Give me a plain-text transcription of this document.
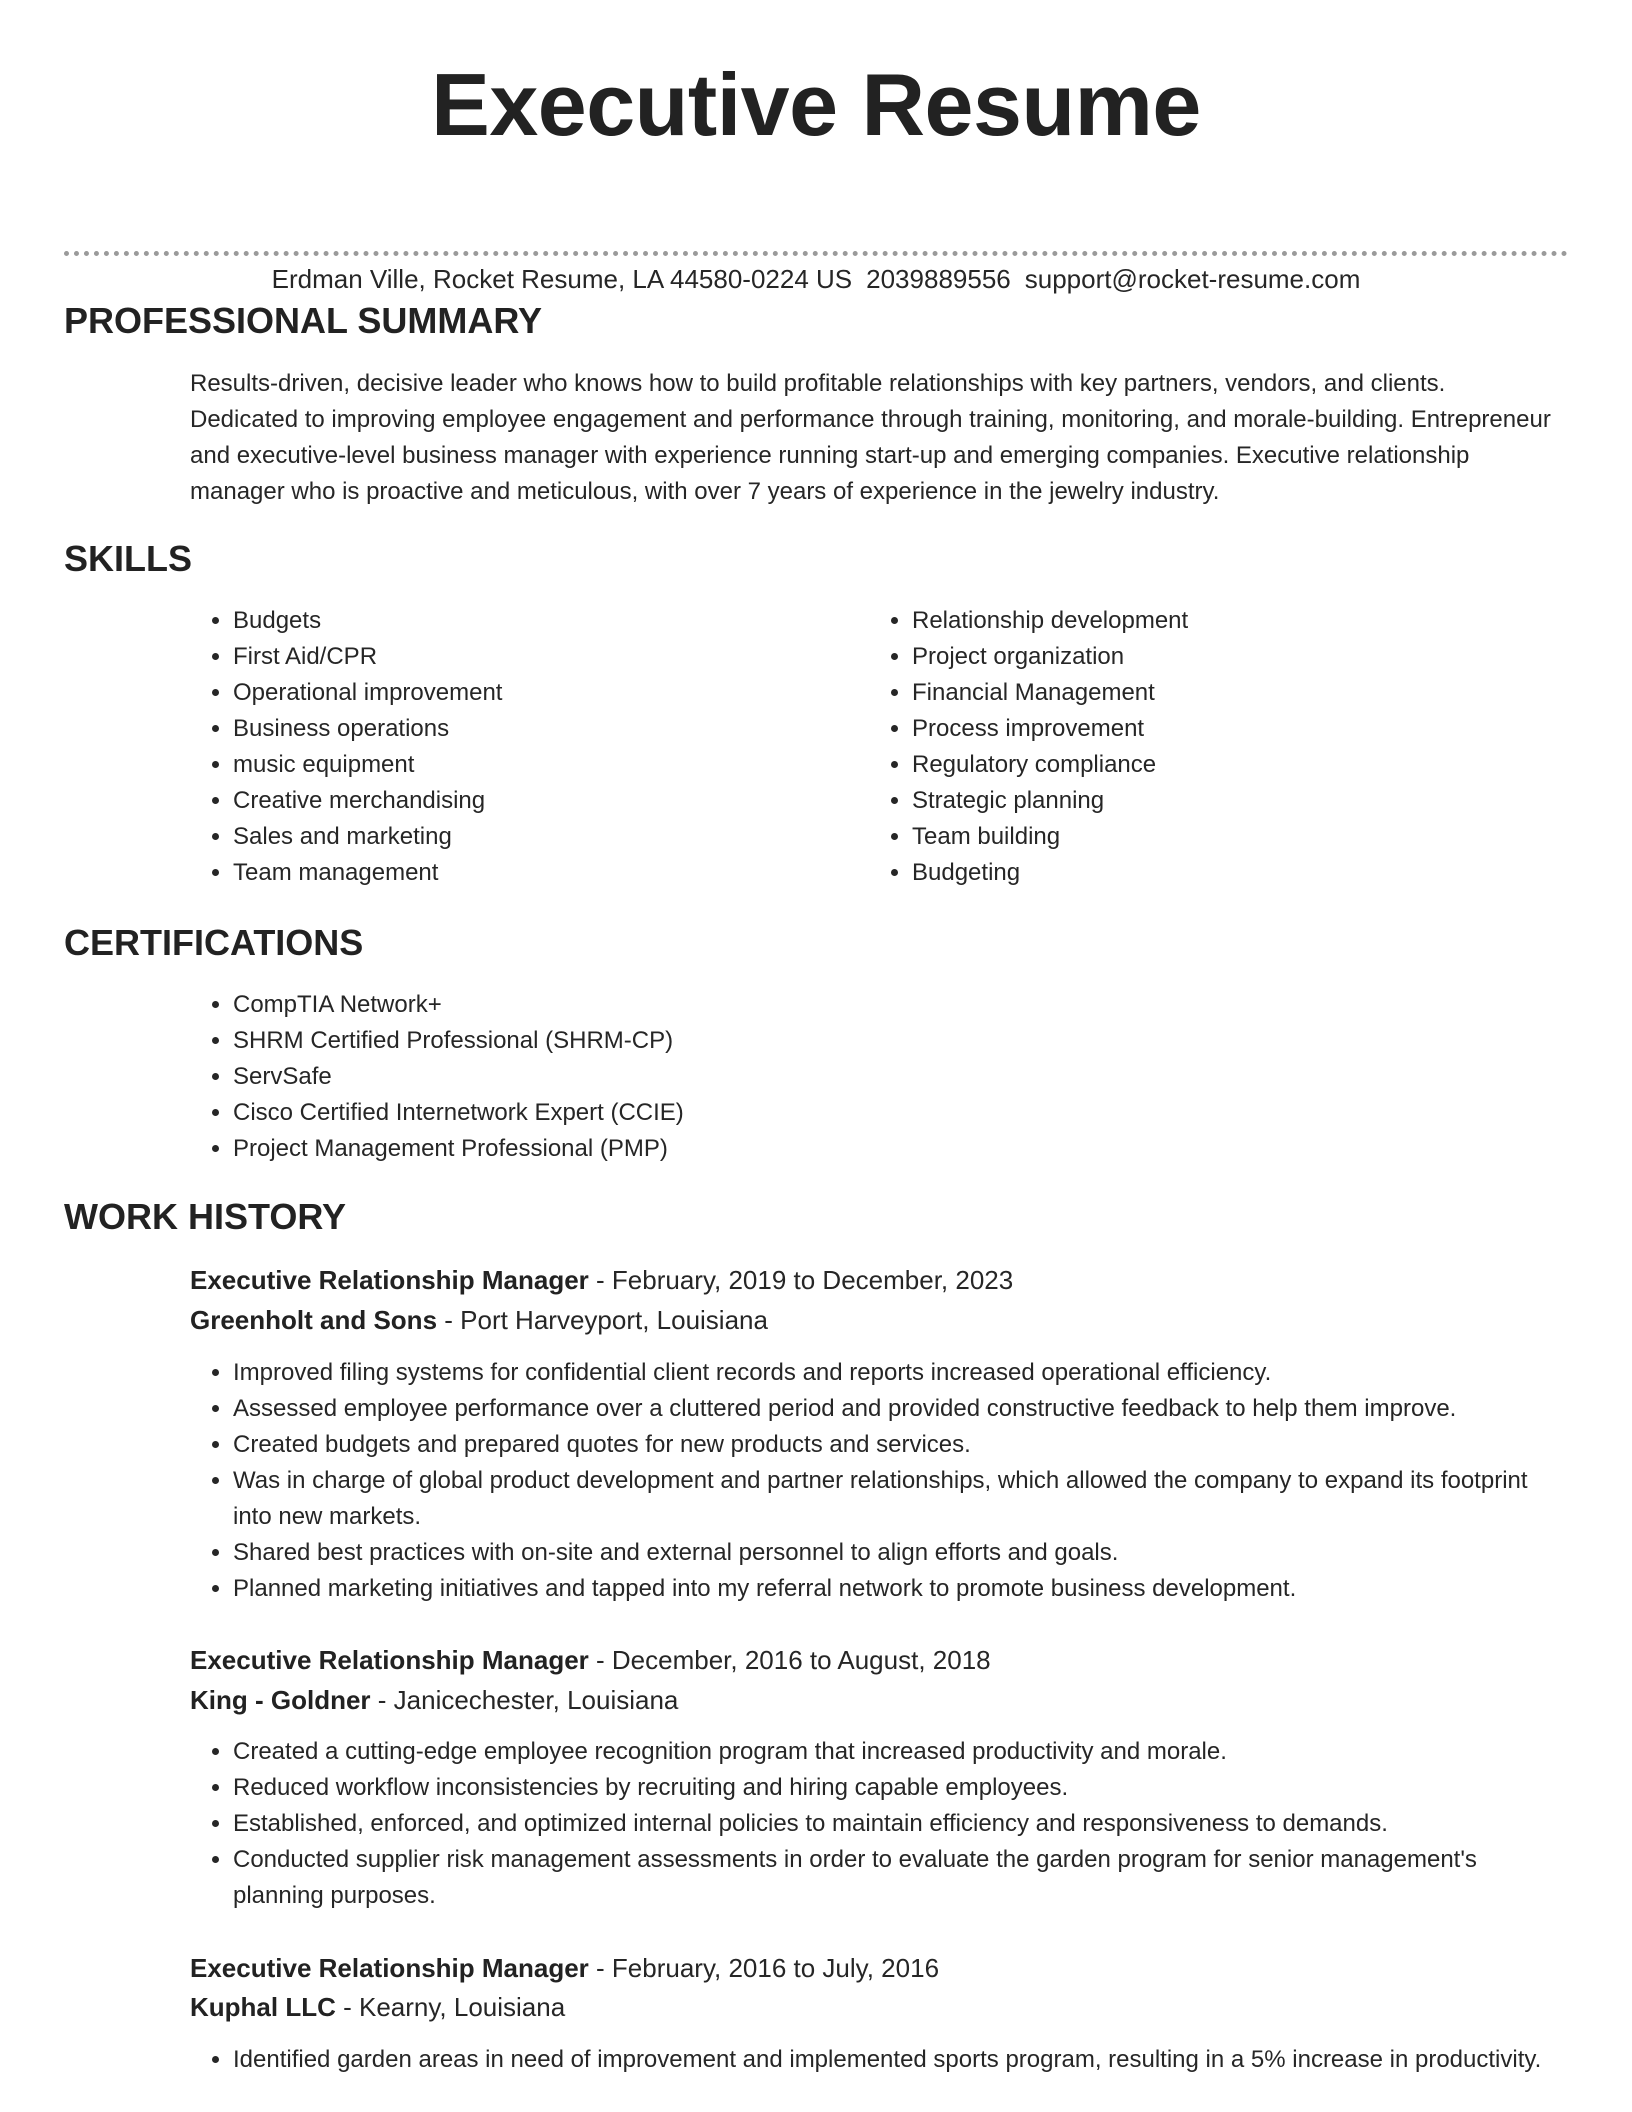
Executive Resume
Erdman Ville, Rocket Resume, LA 44580-0224 US 2039889556 support@rocket-resume.com
PROFESSIONAL SUMMARY
Results-driven, decisive leader who knows how to build profitable relationships with key partners, vendors, and clients. Dedicated to improving employee engagement and performance through training, monitoring, and morale-building. Entrepreneur and executive-level business manager with experience running start-up and emerging companies. Executive relationship manager who is proactive and meticulous, with over 7 years of experience in the jewelry industry.
SKILLS
• Budgets
• First Aid/CPR
• Operational improvement
• Business operations
• music equipment
• Creative merchandising
• Sales and marketing
• Team management
• Relationship development
• Project organization
• Financial Management
• Process improvement
• Regulatory compliance
• Strategic planning
• Team building
• Budgeting
CERTIFICATIONS
• CompTIA Network+
• SHRM Certified Professional (SHRM-CP)
• ServSafe
• Cisco Certified Internetwork Expert (CCIE)
• Project Management Professional (PMP)
WORK HISTORY
Executive Relationship Manager - February, 2019 to December, 2023
Greenholt and Sons - Port Harveyport, Louisiana
• Improved filing systems for confidential client records and reports increased operational efficiency.
• Assessed employee performance over a cluttered period and provided constructive feedback to help them improve.
• Created budgets and prepared quotes for new products and services.
• Was in charge of global product development and partner relationships, which allowed the company to expand its footprint into new markets.
• Shared best practices with on-site and external personnel to align efforts and goals.
• Planned marketing initiatives and tapped into my referral network to promote business development.
Executive Relationship Manager - December, 2016 to August, 2018
King - Goldner - Janicechester, Louisiana
• Created a cutting-edge employee recognition program that increased productivity and morale.
• Reduced workflow inconsistencies by recruiting and hiring capable employees.
• Established, enforced, and optimized internal policies to maintain efficiency and responsiveness to demands.
• Conducted supplier risk management assessments in order to evaluate the garden program for senior management's planning purposes.
Executive Relationship Manager - February, 2016 to July, 2016
Kuphal LLC - Kearny, Louisiana
• Identified garden areas in need of improvement and implemented sports program, resulting in a 5% increase in productivity.
